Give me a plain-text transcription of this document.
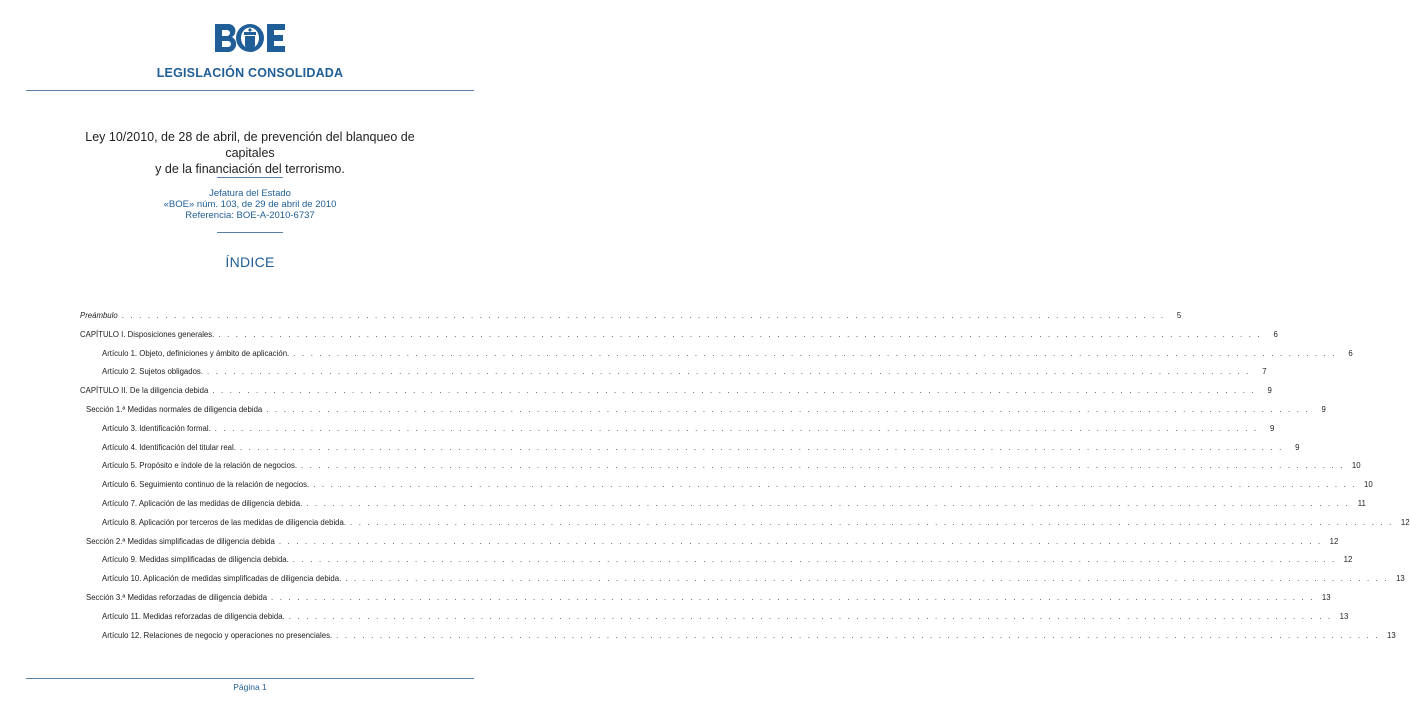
LEGISLACIÓN CONSOLIDADA
Ley 10/2010, de 28 de abril, de prevención del blanqueo de capitales
y de la financiación del terrorismo.
Jefatura del Estado
«BOE» núm. 103, de 29 de abril de 2010
Referencia: BOE-A-2010-6737
ÍNDICE
Preámbulo . . . . . . . . . . . . . . . . . . . . . . . . . . . . . . . . . . . . . . . . . . . . . . . . . . . . . . . . . . . . . . . . . . . . . . . . . . . . . . . . . . . . . . . . . . . . . . . . . . . . . . . . . . . . . . . . . . . . . . . .	5
CAPÍTULO I. Disposiciones generales. . . . . . . . . . . . . . . . . . . . . . . . . . . . . . . . . . . . . . . . . . . . . . . . . . . . . . . . . . . . . . . . . . . . . . . . . . . . . . . . . . . . . . . . . . . . . . . . . . . . . . . . . . . . . . . . . . . . . . . . .	6
Artículo 1. Objeto, definiciones y ámbito de aplicación. . . . . . . . . . . . . . . . . . . . . . . . . . . . . . . . . . . . . . . . . . . . . . . . . . . . . . . . . . . . . . . . . . . . . . . . . . . . . . . . . . . . . . . . . . . . . . . . . . . . . . . . . . . . . . . . . . . . . . . . .	6
Artículo 2. Sujetos obligados. . . . . . . . . . . . . . . . . . . . . . . . . . . . . . . . . . . . . . . . . . . . . . . . . . . . . . . . . . . . . . . . . . . . . . . . . . . . . . . . . . . . . . . . . . . . . . . . . . . . . . . . . . . . . . . . . . . . . . . . .	7
CAPÍTULO II. De la diligencia debida . . . . . . . . . . . . . . . . . . . . . . . . . . . . . . . . . . . . . . . . . . . . . . . . . . . . . . . . . . . . . . . . . . . . . . . . . . . . . . . . . . . . . . . . . . . . . . . . . . . . . . . . . . . . . . . . . . . . . . . .	9
Sección 1.ª Medidas normales de diligencia debida . . . . . . . . . . . . . . . . . . . . . . . . . . . . . . . . . . . . . . . . . . . . . . . . . . . . . . . . . . . . . . . . . . . . . . . . . . . . . . . . . . . . . . . . . . . . . . . . . . . . . . . . . . . . . . . . . . . . . . . .	9
Artículo 3. Identificación formal. . . . . . . . . . . . . . . . . . . . . . . . . . . . . . . . . . . . . . . . . . . . . . . . . . . . . . . . . . . . . . . . . . . . . . . . . . . . . . . . . . . . . . . . . . . . . . . . . . . . . . . . . . . . . . . . . . . . . . . . .	9
Artículo 4. Identificación del titular real. . . . . . . . . . . . . . . . . . . . . . . . . . . . . . . . . . . . . . . . . . . . . . . . . . . . . . . . . . . . . . . . . . . . . . . . . . . . . . . . . . . . . . . . . . . . . . . . . . . . . . . . . . . . . . . . . . . . . . . . .	9
Artículo 5. Propósito e índole de la relación de negocios. . . . . . . . . . . . . . . . . . . . . . . . . . . . . . . . . . . . . . . . . . . . . . . . . . . . . . . . . . . . . . . . . . . . . . . . . . . . . . . . . . . . . . . . . . . . . . . . . . . . . . . . . . . . . . . . . . . . . . . . . 10
Artículo 6. Seguimiento continuo de la relación de negocios. . . . . . . . . . . . . . . . . . . . . . . . . . . . . . . . . . . . . . . . . . . . . . . . . . . . . . . . . . . . . . . . . . . . . . . . . . . . . . . . . . . . . . . . . . . . . . . . . . . . . . . . . . . . . . . . . . . . . . . . . 10
Artículo 7. Aplicación de las medidas de diligencia debida. . . . . . . . . . . . . . . . . . . . . . . . . . . . . . . . . . . . . . . . . . . . . . . . . . . . . . . . . . . . . . . . . . . . . . . . . . . . . . . . . . . . . . . . . . . . . . . . . . . . . . . . . . . . . . . . . . . . . . . . .	11
Artículo 8. Aplicación por terceros de las medidas de diligencia debida. . . . . . . . . . . . . . . . . . . . . . . . . . . . . . . . . . . . . . . . . . . . . . . . . . . . . . . . . . . . . . . . . . . . . . . . . . . . . . . . . . . . . . . . . . . . . . . . . . . . . . . . . . . . . . . . . . . . . . . . . 12
Sección 2.ª Medidas simplificadas de diligencia debida . . . . . . . . . . . . . . . . . . . . . . . . . . . . . . . . . . . . . . . . . . . . . . . . . . . . . . . . . . . . . . . . . . . . . . . . . . . . . . . . . . . . . . . . . . . . . . . . . . . . . . . . . . . . . . . . . . . . . . . . 12
Artículo 9. Medidas simplificadas de diligencia debida. . . . . . . . . . . . . . . . . . . . . . . . . . . . . . . . . . . . . . . . . . . . . . . . . . . . . . . . . . . . . . . . . . . . . . . . . . . . . . . . . . . . . . . . . . . . . . . . . . . . . . . . . . . . . . . . . . . . . . . . . 12
Artículo 10. Aplicación de medidas simplificadas de diligencia debida. . . . . . . . . . . . . . . . . . . . . . . . . . . . . . . . . . . . . . . . . . . . . . . . . . . . . . . . . . . . . . . . . . . . . . . . . . . . . . . . . . . . . . . . . . . . . . . . . . . . . . . . . . . . . . . . . . . . . . . . . 13
Sección 3.ª Medidas reforzadas de diligencia debida . . . . . . . . . . . . . . . . . . . . . . . . . . . . . . . . . . . . . . . . . . . . . . . . . . . . . . . . . . . . . . . . . . . . . . . . . . . . . . . . . . . . . . . . . . . . . . . . . . . . . . . . . . . . . . . . . . . . . . . . 13
Artículo 11. Medidas reforzadas de diligencia debida. . . . . . . . . . . . . . . . . . . . . . . . . . . . . . . . . . . . . . . . . . . . . . . . . . . . . . . . . . . . . . . . . . . . . . . . . . . . . . . . . . . . . . . . . . . . . . . . . . . . . . . . . . . . . . . . . . . . . . . . . 13
Artículo 12. Relaciones de negocio y operaciones no presenciales. . . . . . . . . . . . . . . . . . . . . . . . . . . . . . . . . . . . . . . . . . . . . . . . . . . . . . . . . . . . . . . . . . . . . . . . . . . . . . . . . . . . . . . . . . . . . . . . . . . . . . . . . . . . . . . . . . . . . . . . . 13
Página 1
